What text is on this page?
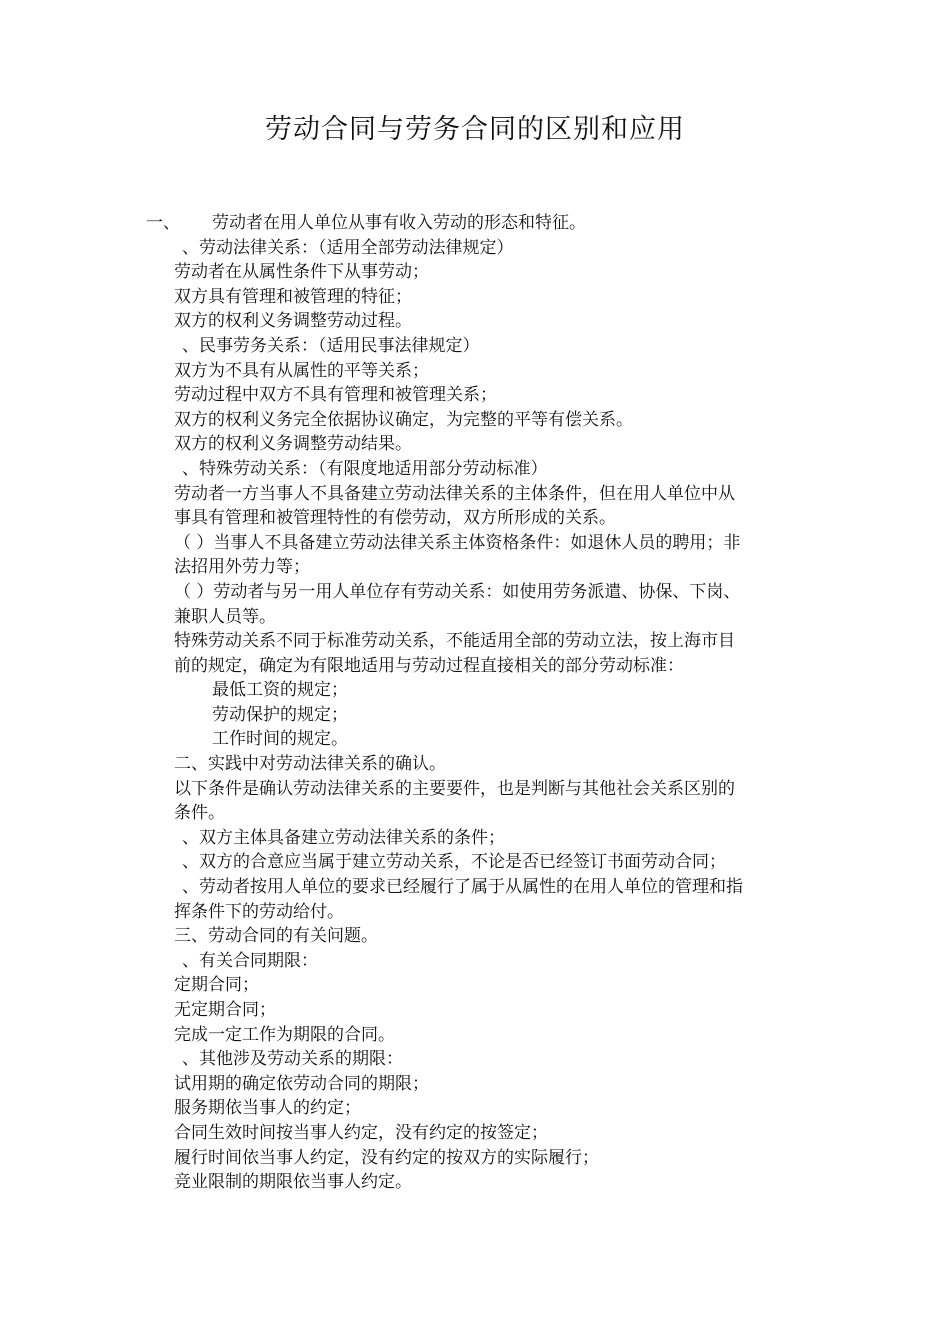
劳动合同与劳务合同的区别和应用
一、 劳动者在用人单位从事有收入劳动的形态和特征。
、劳动法律关系：（适用全部劳动法律规定）
劳动者在从属性条件下从事劳动；
双方具有管理和被管理的特征；
双方的权利义务调整劳动过程。
、民事劳务关系：（适用民事法律规定）
双方为不具有从属性的平等关系；
劳动过程中双方不具有管理和被管理关系；
双方的权利义务完全依据协议确定，为完整的平等有偿关系。
双方的权利义务调整劳动结果。
、特殊劳动关系：（有限度地适用部分劳动标准）
劳动者一方当事人不具备建立劳动法律关系的主体条件，但在用人单位中从
事具有管理和被管理特性的有偿劳动，双方所形成的关系。
（ ）当事人不具备建立劳动法律关系主体资格条件：如退休人员的聘用；非
法招用外劳力等；
（ ）劳动者与另一用人单位存有劳动关系：如使用劳务派遣、协保、下岗、
兼职人员等。
特殊劳动关系不同于标准劳动关系，不能适用全部的劳动立法，按上海市目
前的规定，确定为有限地适用与劳动过程直接相关的部分劳动标准：
最低工资的规定；
劳动保护的规定；
工作时间的规定。
二、实践中对劳动法律关系的确认。
以下条件是确认劳动法律关系的主要要件，也是判断与其他社会关系区别的
条件。
、双方主体具备建立劳动法律关系的条件；
、双方的合意应当属于建立劳动关系，不论是否已经签订书面劳动合同；
、劳动者按用人单位的要求已经履行了属于从属性的在用人单位的管理和指
挥条件下的劳动给付。
三、劳动合同的有关问题。
、有关合同期限：
定期合同；
无定期合同；
完成一定工作为期限的合同。
、其他涉及劳动关系的期限：
试用期的确定依劳动合同的期限；
服务期依当事人的约定；
合同生效时间按当事人约定，没有约定的按签定；
履行时间依当事人约定，没有约定的按双方的实际履行；
竞业限制的期限依当事人约定。
